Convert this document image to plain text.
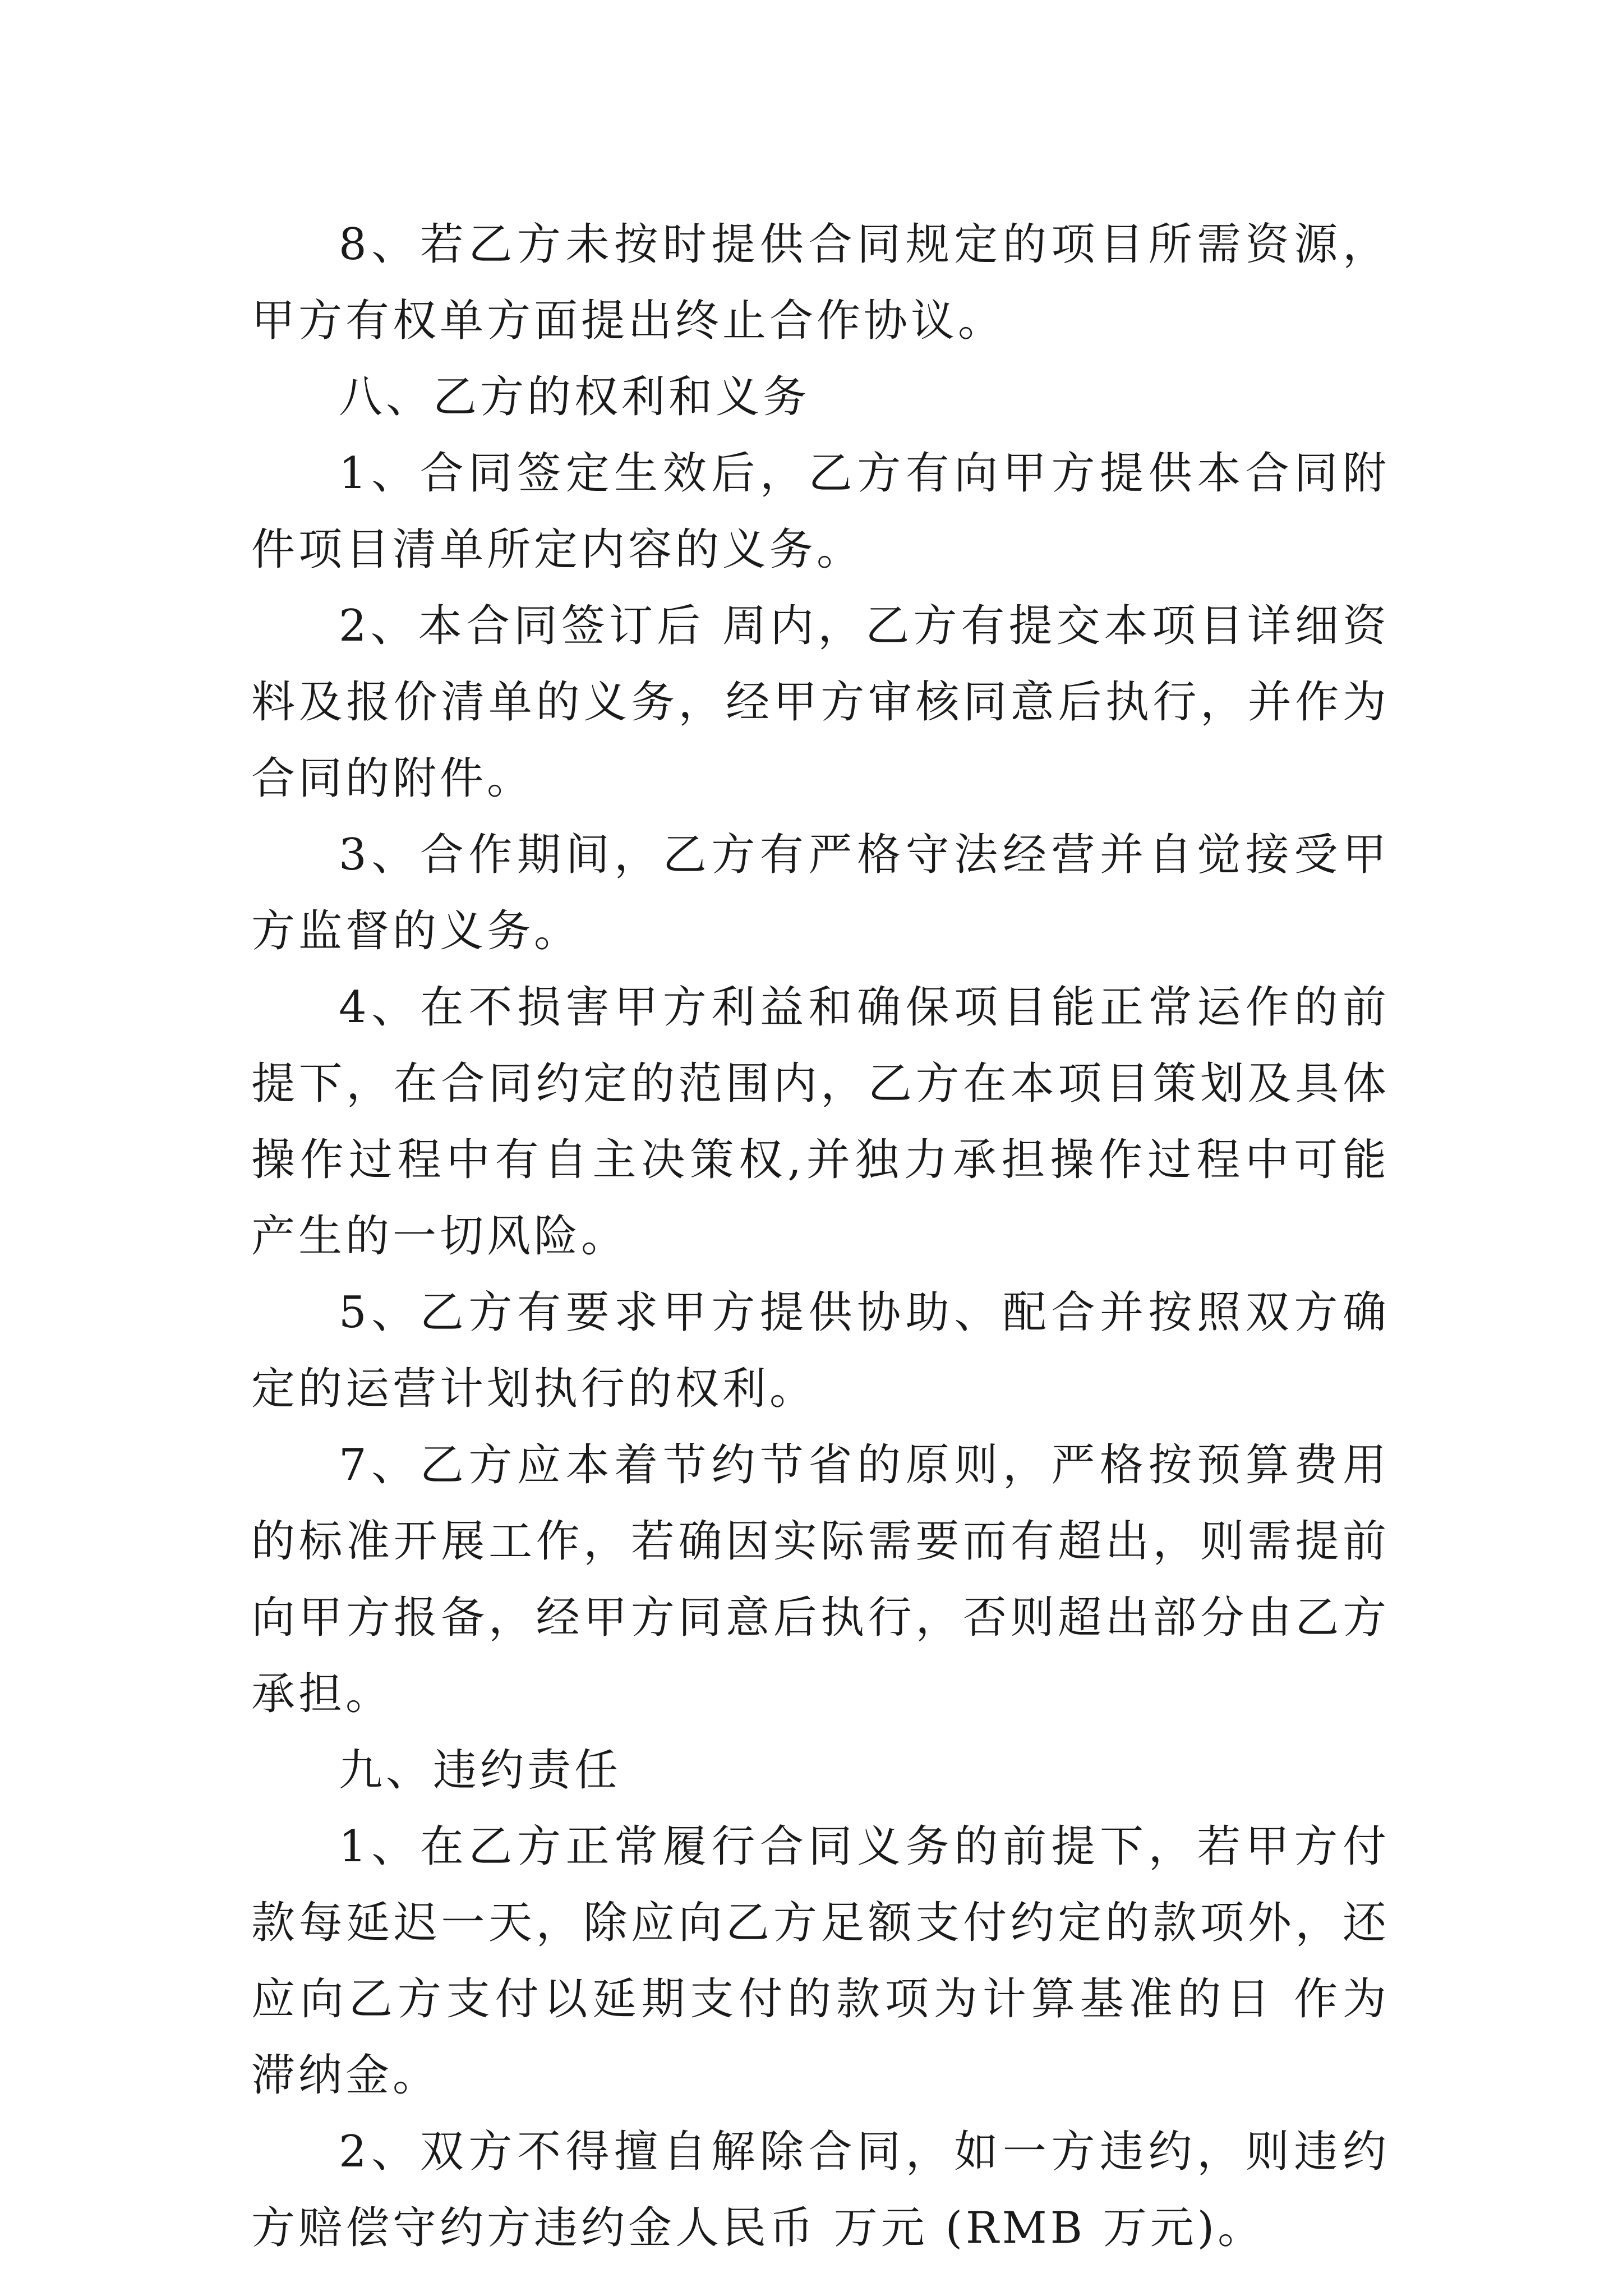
8、若乙方未按时提供合同规定的项目所需资源，甲方有权单方面提出终止合作协议。

八、乙方的权利和义务

1、合同签定生效后，乙方有向甲方提供本合同附件项目清单所定内容的义务。

2、本合同签订后 周内，乙方有提交本项目详细资料及报价清单的义务，经甲方审核同意后执行，并作为合同的附件。

3、合作期间，乙方有严格守法经营并自觉接受甲方监督的义务。

4、在不损害甲方利益和确保项目能正常运作的前提下，在合同约定的范围内，乙方在本项目策划及具体操作过程中有自主决策权,并独力承担操作过程中可能产生的一切风险。

5、乙方有要求甲方提供协助、配合并按照双方确定的运营计划执行的权利。

7、乙方应本着节约节省的原则，严格按预算费用的标准开展工作，若确因实际需要而有超出，则需提前向甲方报备，经甲方同意后执行，否则超出部分由乙方承担。

九、违约责任

1、在乙方正常履行合同义务的前提下，若甲方付款每延迟一天，除应向乙方足额支付约定的款项外，还应向乙方支付以延期支付的款项为计算基准的日 作为滞纳金。

2、双方不得擅自解除合同，如一方违约，则违约方赔偿守约方违约金人民币 万元 (RMB 万元)。
